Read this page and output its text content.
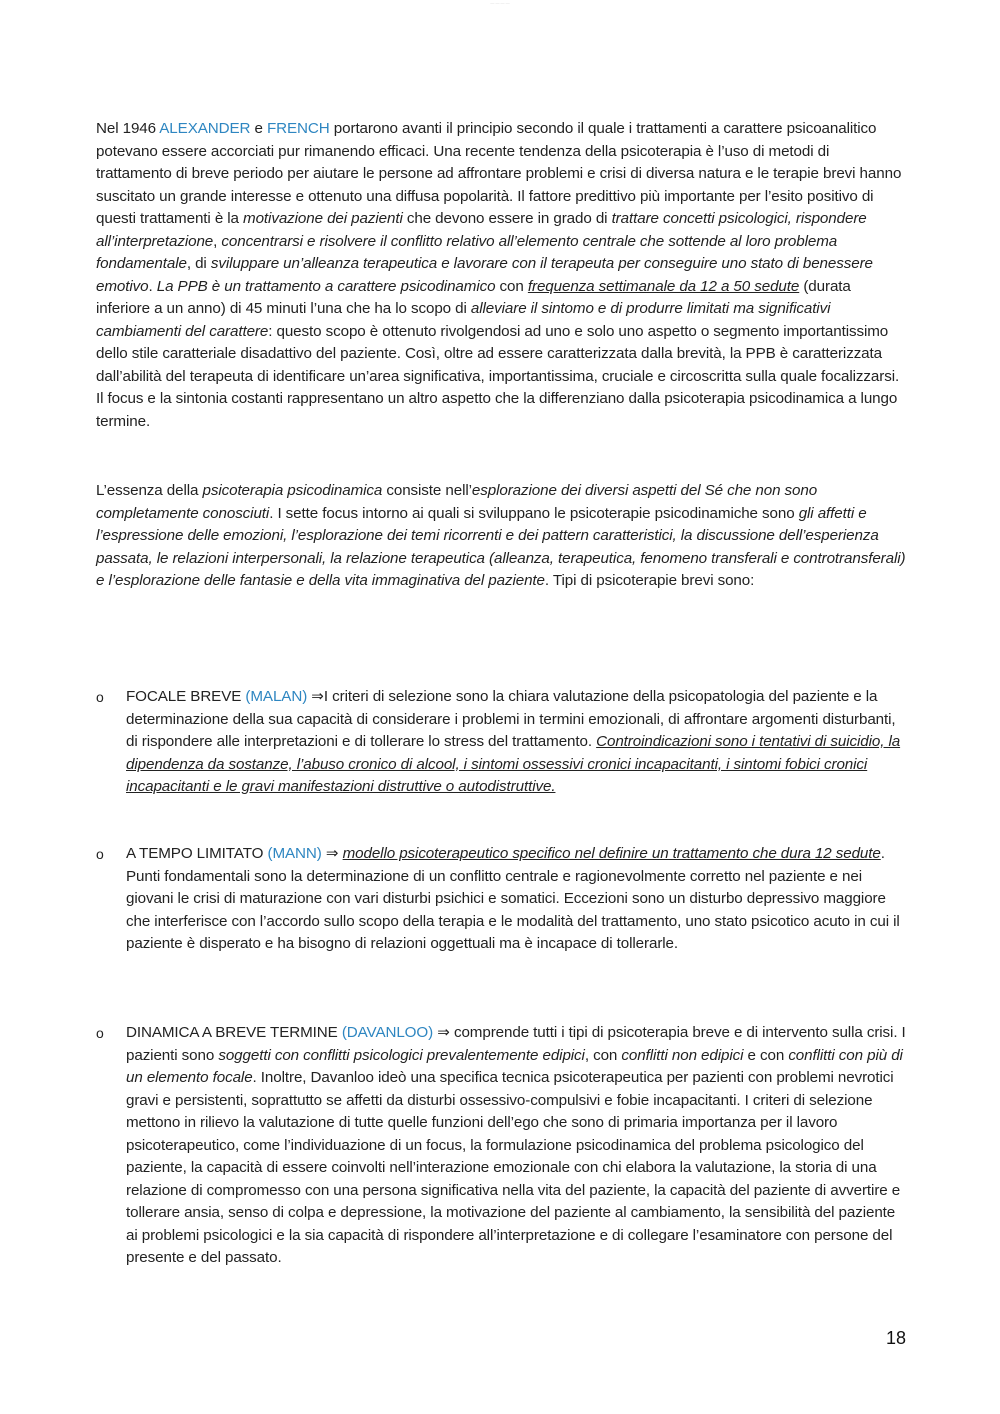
— — — —
Nel 1946 ALEXANDER e FRENCH portarono avanti il principio secondo il quale i trattamenti a carattere psicoanalitico potevano essere accorciati pur rimanendo efficaci. Una recente tendenza della psicoterapia è l’uso di metodi di trattamento di breve periodo per aiutare le persone ad affrontare problemi e crisi di diversa natura e le terapie brevi hanno suscitato un grande interesse e ottenuto una diffusa popolarità. Il fattore predittivo più importante per l’esito positivo di questi trattamenti è la motivazione dei pazienti che devono essere in grado di trattare concetti psicologici, rispondere all’interpretazione, concentrarsi e risolvere il conflitto relativo all’elemento centrale che sottende al loro problema fondamentale, di sviluppare un’alleanza terapeutica e lavorare con il terapeuta per conseguire uno stato di benessere emotivo. La PPB è un trattamento a carattere psicodinamico con frequenza settimanale da 12 a 50 sedute (durata inferiore a un anno) di 45 minuti l’una che ha lo scopo di alleviare il sintomo e di produrre limitati ma significativi cambiamenti del carattere: questo scopo è ottenuto rivolgendosi ad uno e solo uno aspetto o segmento importantissimo dello stile caratteriale disadattivo del paziente. Così, oltre ad essere caratterizzata dalla brevità, la PPB è caratterizzata dall’abilità del terapeuta di identificare un’area significativa, importantissima, cruciale e circoscritta sulla quale focalizzarsi. Il focus e la sintonia costanti rappresentano un altro aspetto che la differenziano dalla psicoterapia psicodinamica a lungo termine.
L’essenza della psicoterapia psicodinamica consiste nell’esplorazione dei diversi aspetti del Sé che non sono completamente conosciuti. I sette focus intorno ai quali si sviluppano le psicoterapie psicodinamiche sono gli affetti e l’espressione delle emozioni, l’esplorazione dei temi ricorrenti e dei pattern caratteristici, la discussione dell’esperienza passata, le relazioni interpersonali, la relazione terapeutica (alleanza, terapeutica, fenomeno transferali e controtransferali) e l’esplorazione delle fantasie e della vita immaginativa del paziente. Tipi di psicoterapie brevi sono:
o	FOCALE BREVE (MALAN) ⇒I criteri di selezione sono la chiara valutazione della psicopatologia del paziente e la determinazione della sua capacità di considerare i problemi in termini emozionali, di affrontare argomenti disturbanti, di rispondere alle interpretazioni e di tollerare lo stress del trattamento. Controindicazioni sono i tentativi di suicidio, la dipendenza da sostanze, l’abuso cronico di alcool, i sintomi ossessivi cronici incapacitanti, i sintomi fobici cronici incapacitanti e le gravi manifestazioni distruttive o autodistruttive.
o	A TEMPO LIMITATO (MANN) ⇒ modello psicoterapeutico specifico nel definire un trattamento che dura 12 sedute. Punti fondamentali sono la determinazione di un conflitto centrale e ragionevolmente corretto nel paziente e nei giovani le crisi di maturazione con vari disturbi psichici e somatici. Eccezioni sono un disturbo depressivo maggiore che interferisce con l’accordo sullo scopo della terapia e le modalità del trattamento, uno stato psicotico acuto in cui il paziente è disperato e ha bisogno di relazioni oggettuali ma è incapace di tollerarle.
o	DINAMICA A BREVE TERMINE (DAVANLOO) ⇒ comprende tutti i tipi di psicoterapia breve e di intervento sulla crisi. I pazienti sono soggetti con conflitti psicologici prevalentemente edipici, con conflitti non edipici e con conflitti con più di un elemento focale. Inoltre, Davanloo ideò una specifica tecnica psicoterapeutica per pazienti con problemi nevrotici gravi e persistenti, soprattutto se affetti da disturbi ossessivo-compulsivi e fobie incapacitanti. I criteri di selezione mettono in rilievo la valutazione di tutte quelle funzioni dell’ego che sono di primaria importanza per il lavoro psicoterapeutico, come l’individuazione di un focus, la formulazione psicodinamica del problema psicologico del paziente, la capacità di essere coinvolti nell’interazione emozionale con chi elabora la valutazione, la storia di una relazione di compromesso con una persona significativa nella vita del paziente, la capacità del paziente di avvertire e tollerare ansia, senso di colpa e depressione, la motivazione del paziente al cambiamento, la sensibilità del paziente ai problemi psicologici e la sia capacità di rispondere all’interpretazione e di collegare l’esaminatore con persone del presente e del passato.
18
